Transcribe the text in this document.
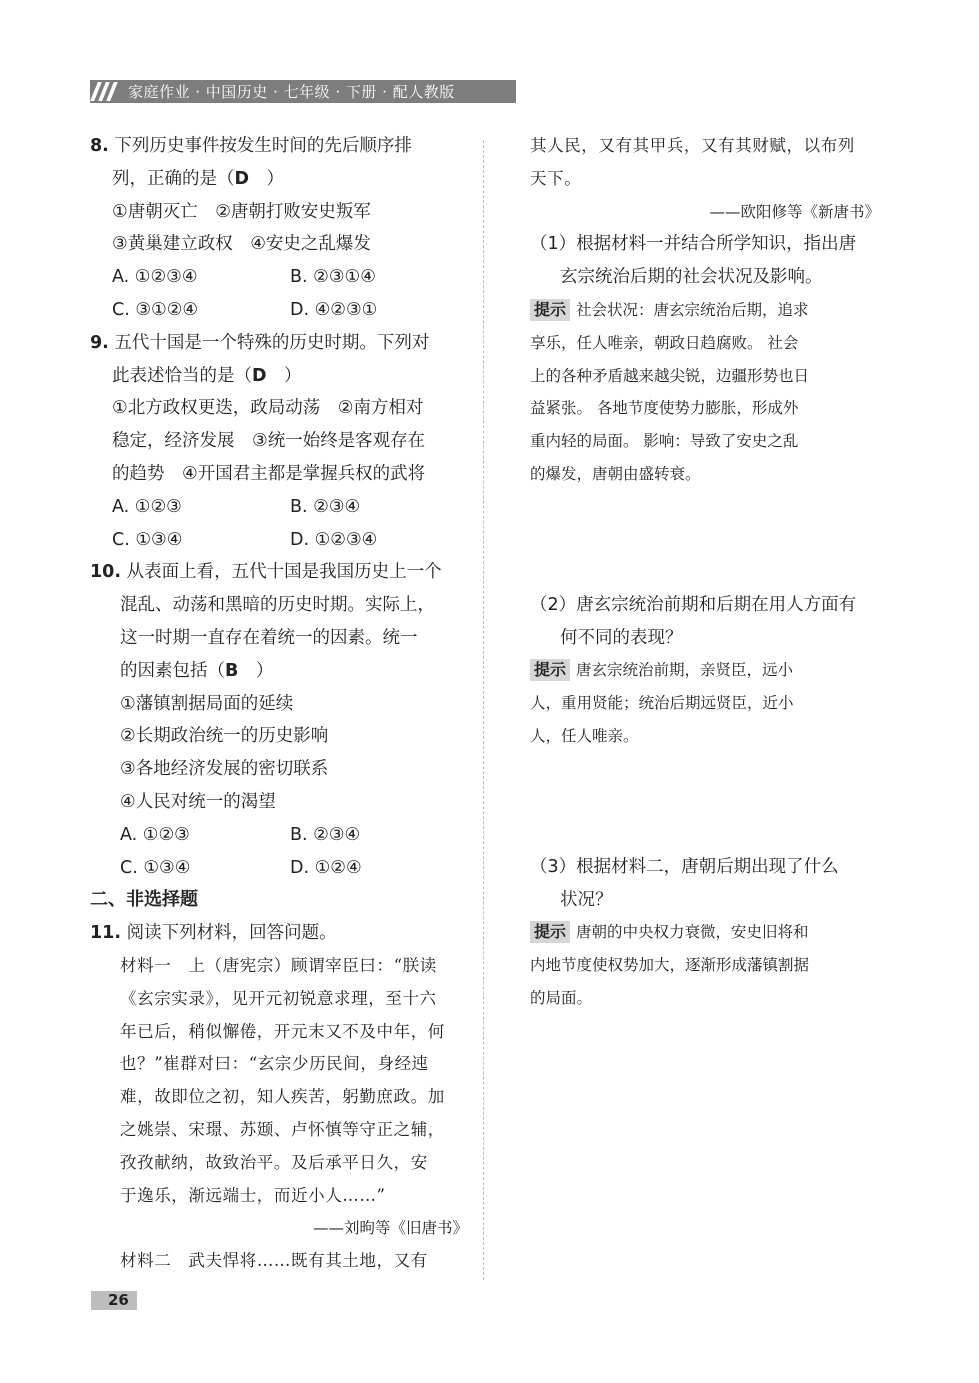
家庭作业 · 中国历史 · 七年级 · 下册 · 配人教版
8. 下列历史事件按发生时间的先后顺序排
列，正确的是（D　 ）
①唐朝灭亡　②唐朝打败安史叛军
③黄巢建立政权　④安史之乱爆发
A. ①②③④	B. ②③①④
C. ③①②④	D. ④②③①
9. 五代十国是一个特殊的历史时期。下列对
此表述恰当的是（D　 ）
①北方政权更迭，政局动荡　②南方相对
稳定，经济发展　③统一始终是客观存在
的趋势　④开国君主都是掌握兵权的武将
A. ①②③	B. ②③④
C. ①③④	D. ①②③④
10. 从表面上看，五代十国是我国历史上一个
混乱、动荡和黑暗的历史时期。实际上，
这一时期一直存在着统一的因素。统一
的因素包括（B　 ）
①藩镇割据局面的延续
②长期政治统一的历史影响
③各地经济发展的密切联系
④人民对统一的渴望
A. ①②③	B. ②③④
C. ①③④	D. ①②④
二、非选择题
11. 阅读下列材料，回答问题。
材料一　 上（唐宪宗）顾谓宰臣曰：“朕读
《玄宗实录》，见开元初锐意求理，至十六
年已后，稍似懈倦，开元末又不及中年，何
也？”崔群对曰：“玄宗少历民间，身经迍
难，故即位之初，知人疾苦，躬勤庶政。加
之姚崇、宋璟、苏颋、卢怀慎等守正之辅，
孜孜献纳，故致治平。及后承平日久，安
于逸乐，渐远端士，而近小人……”
——刘昫等《旧唐书》
材料二　 武夫悍将……既有其土地，又有
其人民，又有其甲兵，又有其财赋，以布列
天下。
——欧阳修等《新唐书》
（1）根据材料一并结合所学知识，指出唐
玄宗统治后期的社会状况及影响。
提示 社会状况：唐玄宗统治后期，追求
享乐，任人唯亲，朝政日趋腐败。 社会
上的各种矛盾越来越尖锐，边疆形势也日
益紧张。 各地节度使势力膨胀，形成外
重内轻的局面。 影响：导致了安史之乱
的爆发，唐朝由盛转衰。
（2）唐玄宗统治前期和后期在用人方面有
何不同的表现？
提示 唐玄宗统治前期，亲贤臣，远小
人，重用贤能；统治后期远贤臣，近小
人，任人唯亲。
（3）根据材料二，唐朝后期出现了什么
状况？
提示 唐朝的中央权力衰微，安史旧将和
内地节度使权势加大，逐渐形成藩镇割据
的局面。
26
